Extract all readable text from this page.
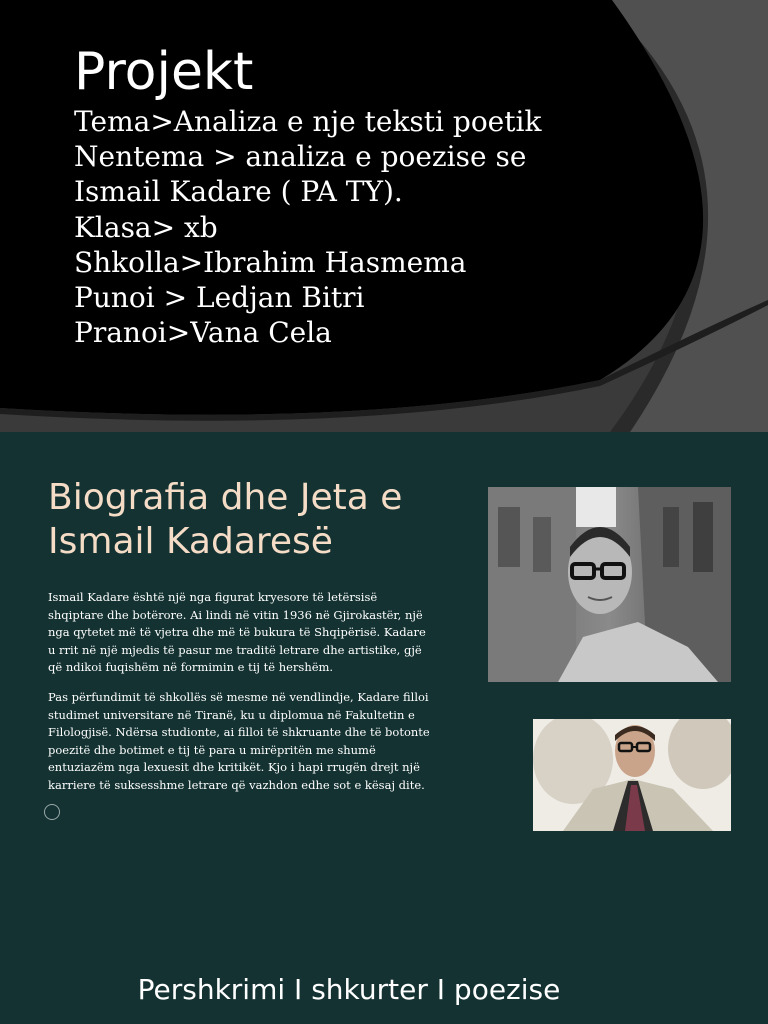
Projekt
Tema>Analiza e nje teksti poetik
Nentema > analiza e poezise se
Ismail Kadare ( PA TY).
Klasa> xb
Shkolla>Ibrahim Hasmema
Punoi > Ledjan Bitri
Pranoi>Vana Cela
Biografia dhe Jeta e
Ismail Kadaresë

Ismail Kadare është një nga figurat kryesore të letërsisë shqiptare dhe botërore. Ai lindi në vitin 1936 në Gjirokastër, një nga qytetet më të vjetra dhe më të bukura të Shqipërisë. Kadare u rrit në një mjedis të pasur me traditë letrare dhe artistike, gjë që ndikoi fuqishëm në formimin e tij të hershëm.

Pas përfundimit të shkollës së mesme në vendlindje, Kadare filloi studimet universitare në Tiranë, ku u diplomua në Fakultetin e Filologjisë. Ndërsa studionte, ai filloi të shkruante dhe të botonte poezitë dhe botimet e tij të para u mirëpritën me shumë entuziazëm nga lexuesit dhe kritikët. Kjo i hapi rrugën drejt një karriere të suksesshme letrare që vazhdon edhe sot e kësaj dite.

Pershkrimi I shkurter I poezise
